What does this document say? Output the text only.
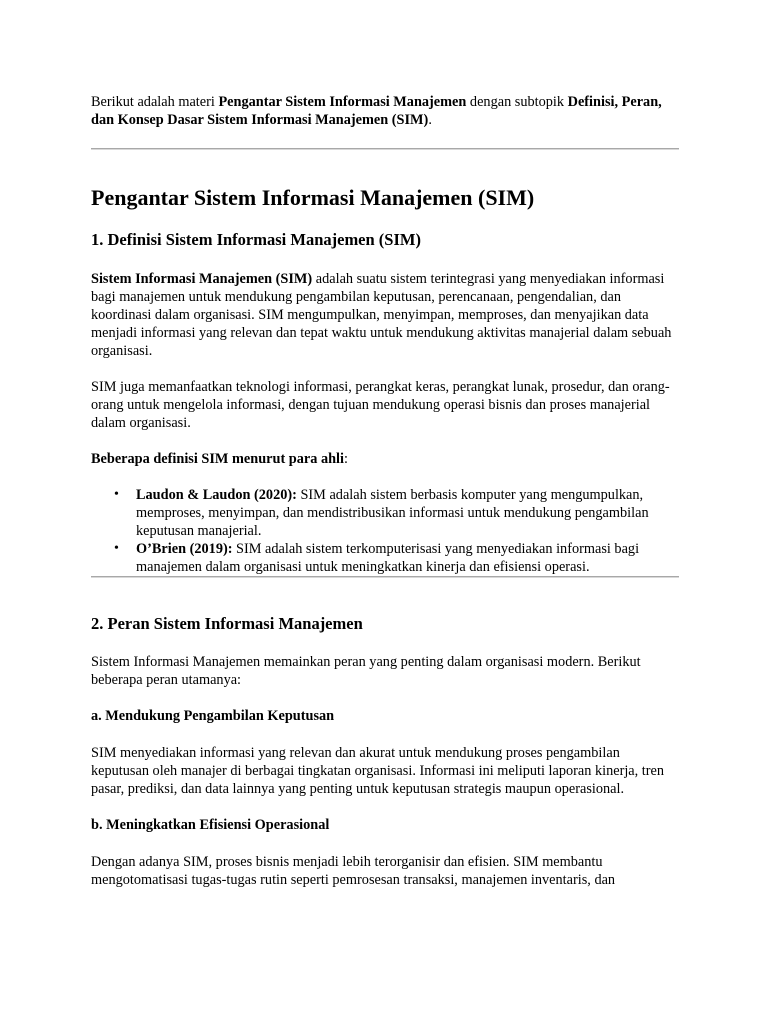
Berikut adalah materi Pengantar Sistem Informasi Manajemen dengan subtopik Definisi, Peran, dan Konsep Dasar Sistem Informasi Manajemen (SIM).

Pengantar Sistem Informasi Manajemen (SIM)
1. Definisi Sistem Informasi Manajemen (SIM)

Sistem Informasi Manajemen (SIM) adalah suatu sistem terintegrasi yang menyediakan informasi bagi manajemen untuk mendukung pengambilan keputusan, perencanaan, pengendalian, dan koordinasi dalam organisasi. SIM mengumpulkan, menyimpan, memproses, dan menyajikan data menjadi informasi yang relevan dan tepat waktu untuk mendukung aktivitas manajerial dalam sebuah organisasi.

SIM juga memanfaatkan teknologi informasi, perangkat keras, perangkat lunak, prosedur, dan orang-orang untuk mengelola informasi, dengan tujuan mendukung operasi bisnis dan proses manajerial dalam organisasi.

Beberapa definisi SIM menurut para ahli:

• Laudon & Laudon (2020): SIM adalah sistem berbasis komputer yang mengumpulkan, memproses, menyimpan, dan mendistribusikan informasi untuk mendukung pengambilan keputusan manajerial.
• O’Brien (2019): SIM adalah sistem terkomputerisasi yang menyediakan informasi bagi manajemen dalam organisasi untuk meningkatkan kinerja dan efisiensi operasi.
2. Peran Sistem Informasi Manajemen

Sistem Informasi Manajemen memainkan peran yang penting dalam organisasi modern. Berikut beberapa peran utamanya:

a. Mendukung Pengambilan Keputusan

SIM menyediakan informasi yang relevan dan akurat untuk mendukung proses pengambilan keputusan oleh manajer di berbagai tingkatan organisasi. Informasi ini meliputi laporan kinerja, tren pasar, prediksi, dan data lainnya yang penting untuk keputusan strategis maupun operasional.

b. Meningkatkan Efisiensi Operasional

Dengan adanya SIM, proses bisnis menjadi lebih terorganisir dan efisien. SIM membantu mengotomatisasi tugas-tugas rutin seperti pemrosesan transaksi, manajemen inventaris, dan
